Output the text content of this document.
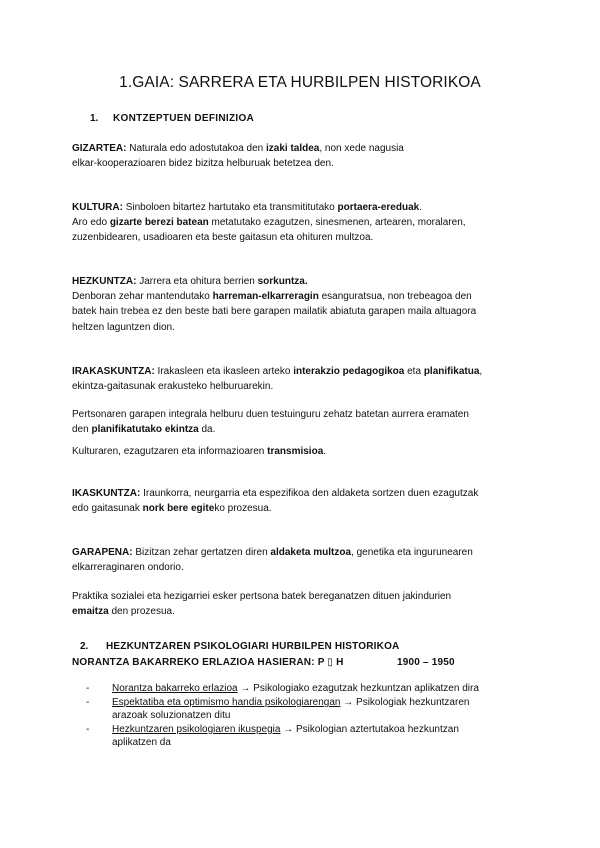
1.GAIA: SARRERA ETA HURBILPEN HISTORIKOA
1. KONTZEPTUEN DEFINIZIOA
GIZARTEA: Naturala edo adostutakoa den izaki taldea, non xede nagusia
elkar-kooperazioaren bidez bizitza helburuak betetzea den.
KULTURA: Sinboloen bitartez hartutako eta transmititutako portaera-ereduak.
Aro edo gizarte berezi batean metatutako ezagutzen, sinesmenen, artearen, moralaren,
zuzenbidearen, usadioaren eta beste gaitasun eta ohituren multzoa.
HEZKUNTZA: Jarrera eta ohitura berrien sorkuntza.
Denboran zehar mantendutako harreman-elkarreragin esanguratsua, non trebeagoa den
batek hain trebea ez den beste bati bere garapen mailatik abiatuta garapen maila altuagora
heltzen laguntzen dion.
IRAKASKUNTZA: Irakasleen eta ikasleen arteko interakzio pedagogikoa eta planifikatua,
ekintza-gaitasunak erakusteko helburuarekin.
Pertsonaren garapen integrala helburu duen testuinguru zehatz batetan aurrera eramaten
den planifikatutako ekintza da.
Kulturaren, ezagutzaren eta informazioaren transmisioa.
IKASKUNTZA: Iraunkorra, neurgarria eta espezifikoa den aldaketa sortzen duen ezagutzak
edo gaitasunak nork bere egiteko prozesua.
GARAPENA: Bizitzan zehar gertatzen diren aldaketa multzoa, genetika eta ingurunearen
elkarreraginaren ondorio.
Praktika sozialei eta hezigarriei esker pertsona batek bereganatzen dituen jakindurien
emaitza den prozesua.
2. HEZKUNTZAREN PSIKOLOGIARI HURBILPEN HISTORIKOA
NORANTZA BAKARREKO ERLAZIOA HASIERAN: P ▯ H	1900 – 1950
- Norantza bakarreko erlazioa → Psikologiako ezagutzak hezkuntzan aplikatzen dira
- Espektatiba eta optimismo handia psikologiarengan → Psikologiak hezkuntzaren
arazoak soluzionatzen ditu
- Hezkuntzaren psikologiaren ikuspegia → Psikologian aztertutakoa hezkuntzan
aplikatzen da
